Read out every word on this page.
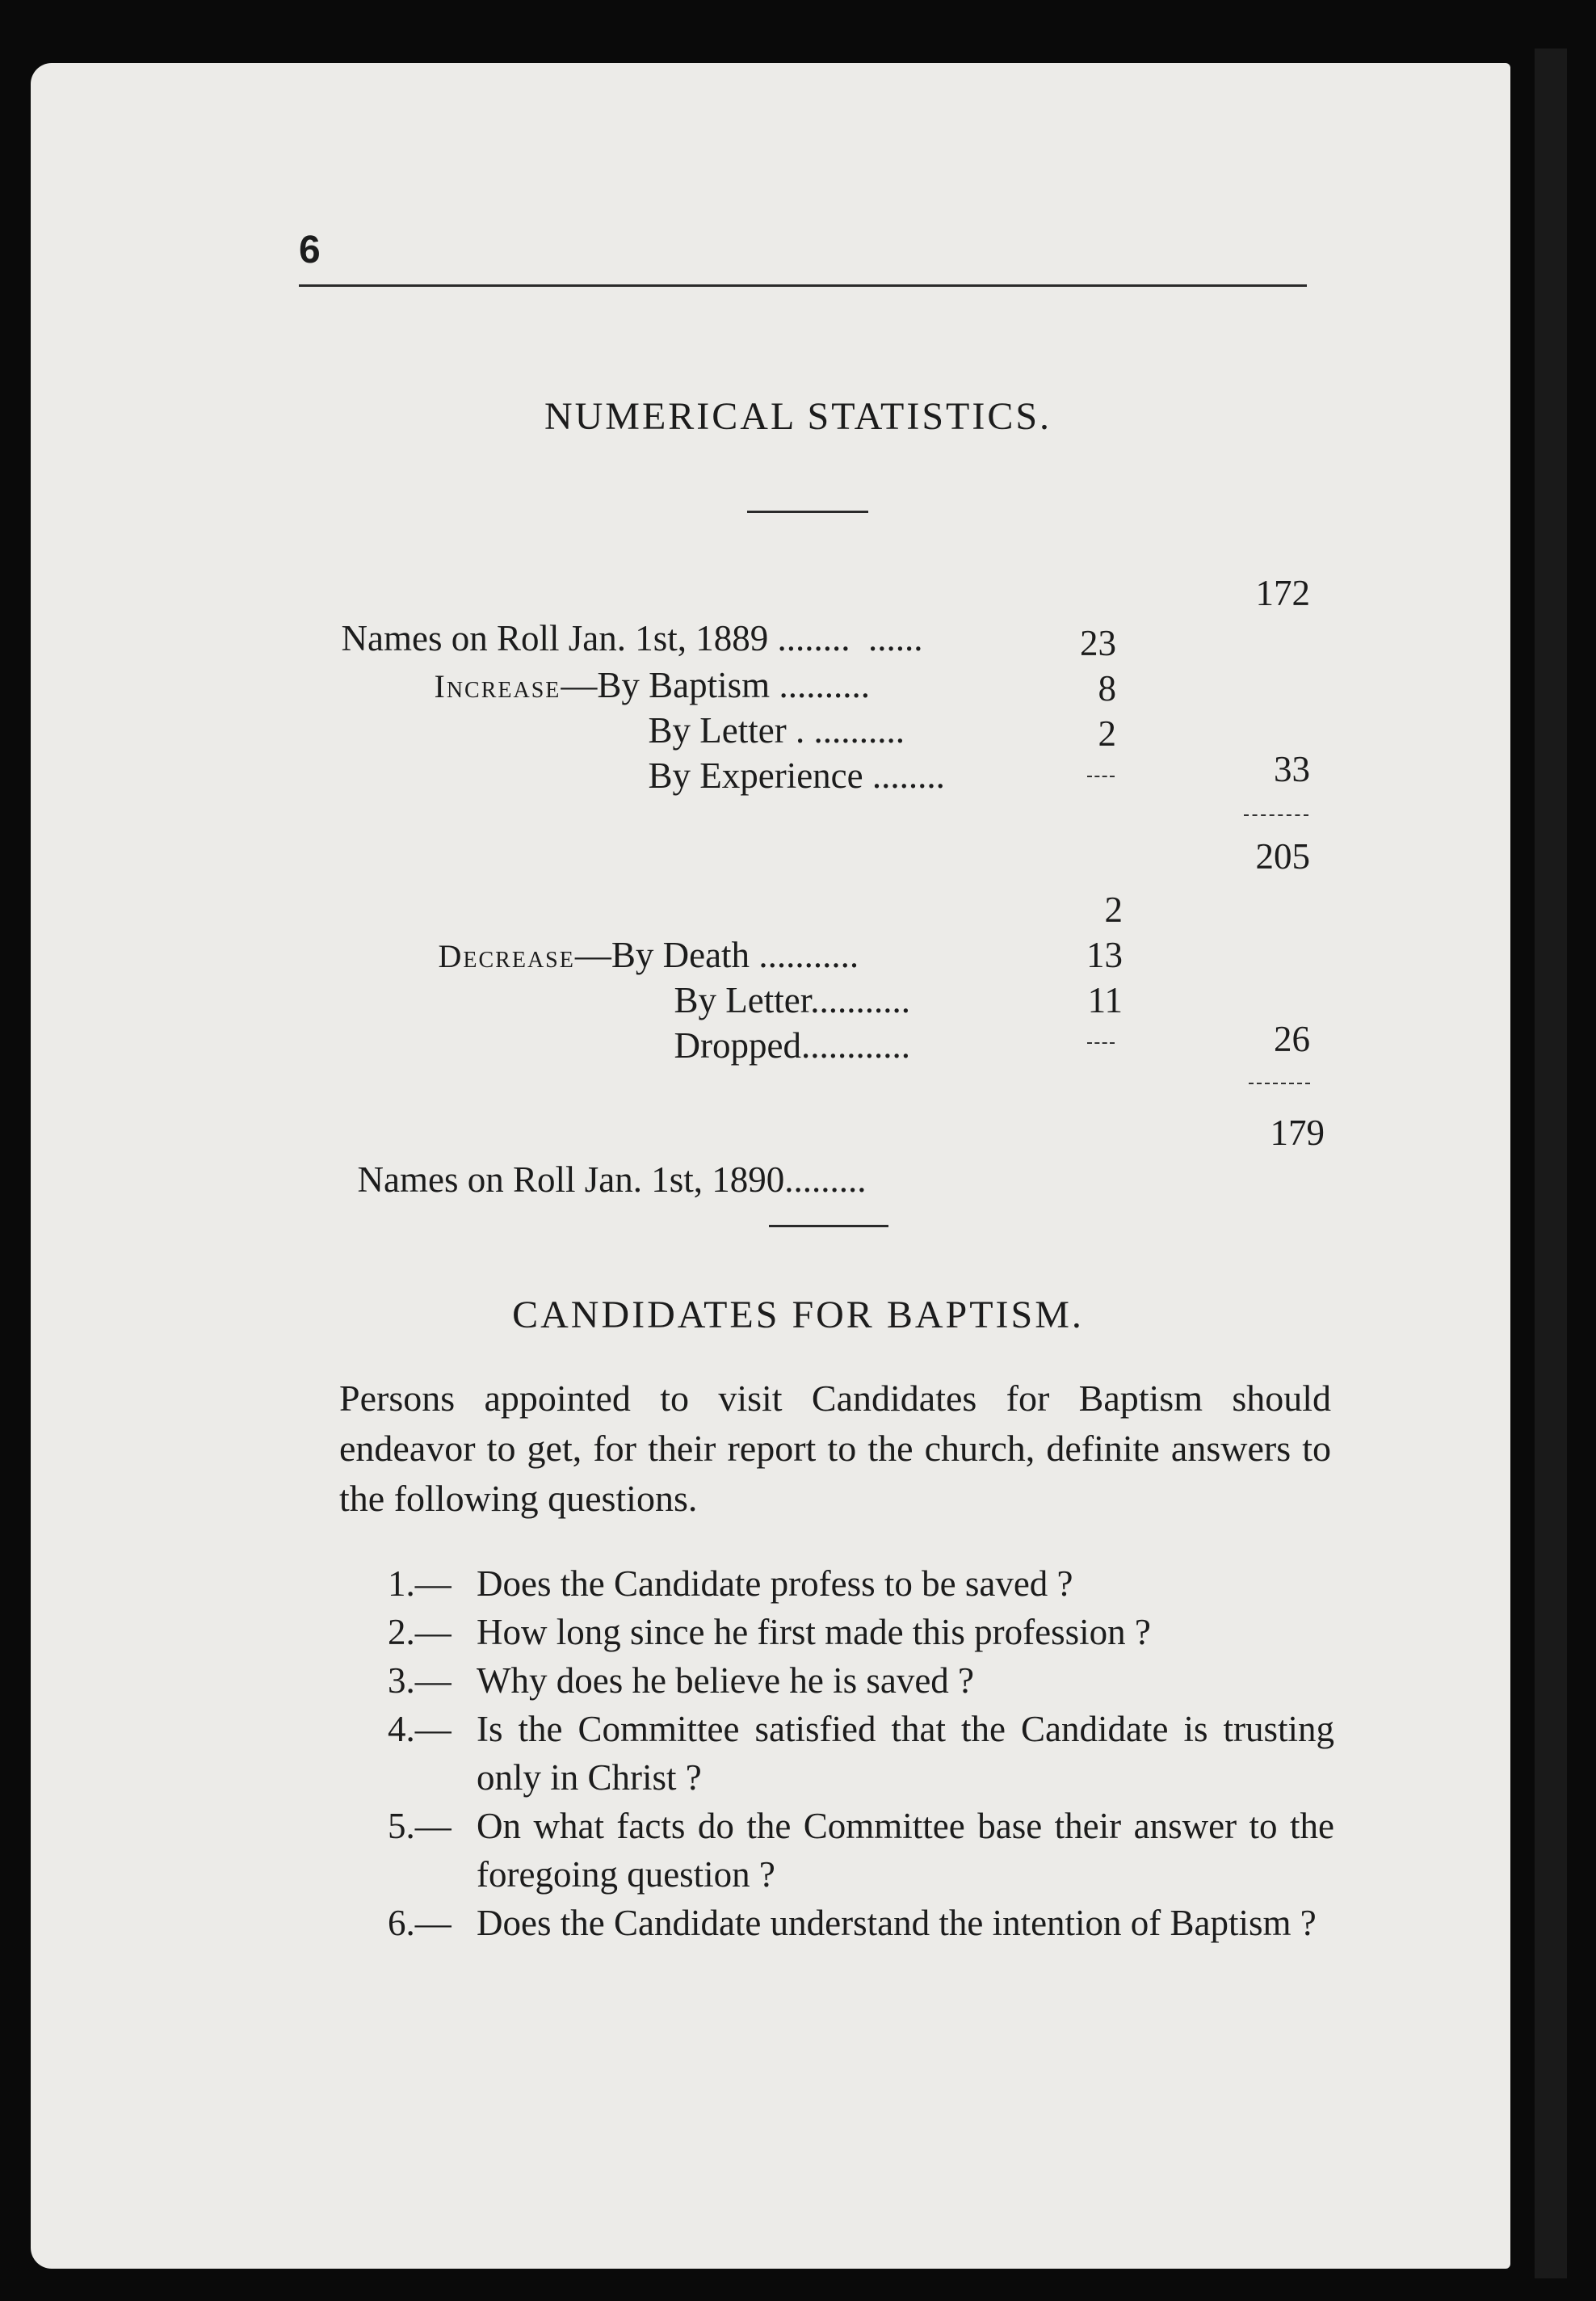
6
NUMERICAL STATISTICS.

Names on Roll Jan. 1st, 1889 ........  ......

172

Increase—By Baptism ..........

23

By Letter . ..........

8

By Experience ........

2
33
205

Decrease—By Death ...........

2

By Letter...........

13

Dropped............

11
26

Names on Roll Jan. 1st, 1890.........

179
CANDIDATES FOR BAPTISM.
Persons appointed to visit Candidates for Baptism should endeavor to get, for their report to the church, definite answers to the following questions.
1.— Does the Candidate profess to be saved ?
2.— How long since he first made this profession ?
3.— Why does he believe he is saved ?
4.— Is the Committee satisfied that the Candidate is trusting only in Christ ?
5.— On what facts do the Committee base their answer to the foregoing question ?
6.— Does the Candidate understand the intention of Baptism ?
